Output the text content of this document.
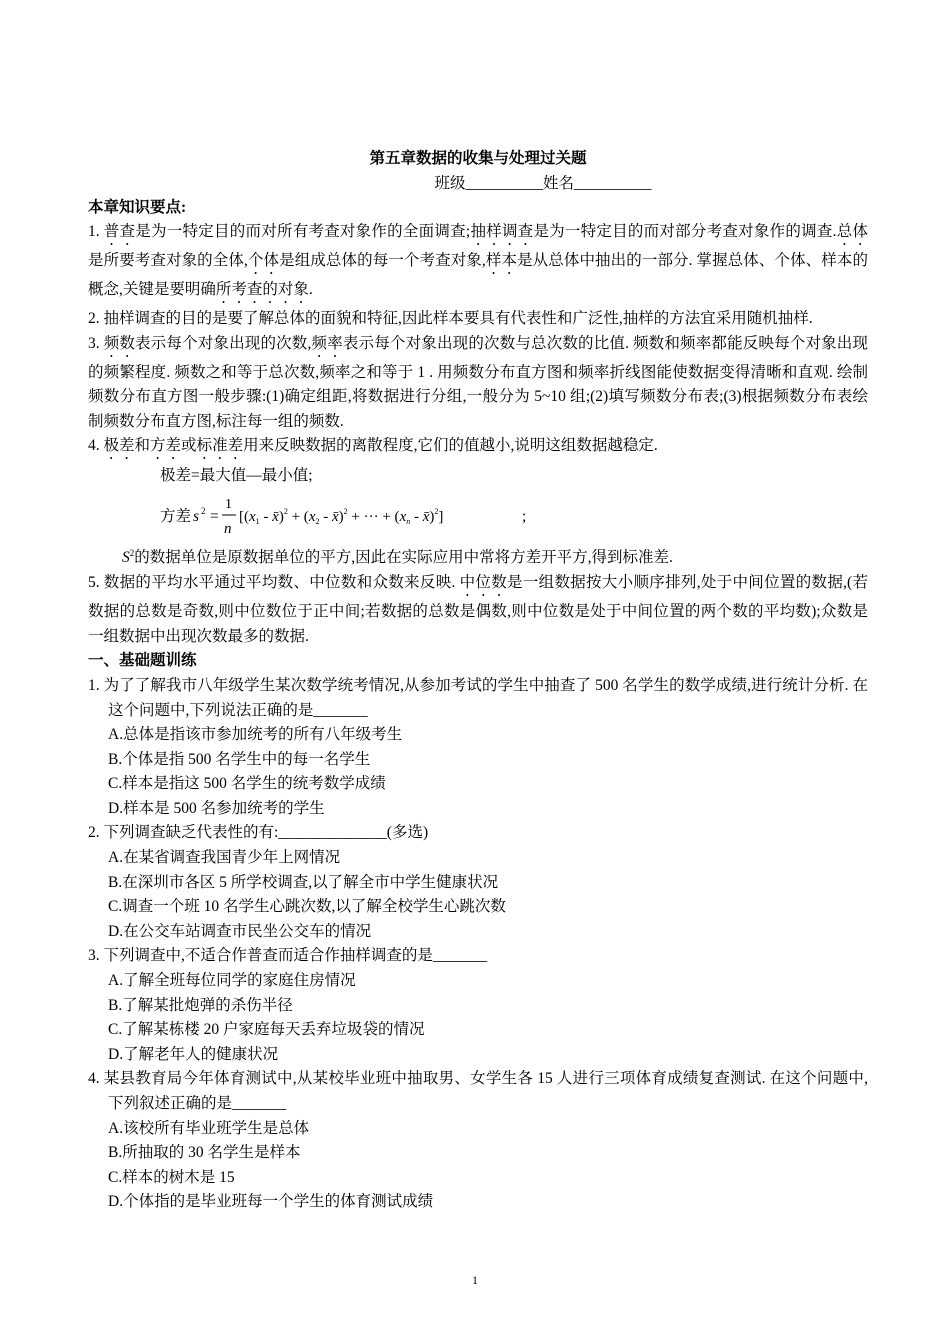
第五章数据的收集与处理过关题
班级__________姓名__________
本章知识要点:

1. 普查是为一特定目的而对所有考查对象作的全面调查;抽样调查是为一特定目的而对部分考查对象作的调查.总体是所要考查对象的全体,个体是组成总体的每一个考查对象,样本是从总体中抽出的一部分. 掌握总体、个体、样本的概念,关键是要明确所考查的对象.

2. 抽样调查的目的是要了解总体的面貌和特征,因此样本要具有代表性和广泛性,抽样的方法宜采用随机抽样.

3. 频数表示每个对象出现的次数,频率表示每个对象出现的次数与总次数的比值. 频数和频率都能反映每个对象出现的频繁程度. 频数之和等于总次数,频率之和等于 1 . 用频数分布直方图和频率折线图能使数据变得清晰和直观. 绘制频数分布直方图一般步骤:(1)确定组距,将数据进行分组,一般分为 5~10 组;(2)填写频数分布表;(3)根据频数分布表绘制频数分布直方图,标注每一组的频数.

4. 极差和方差或标准差用来反映数据的离散程度,它们的值越小,说明这组数据越稳定.

极差=最大值—最小值;
方差 s 2 =
1
n
[($x_1$ - x̄)$^2$ + ($x_2$ - x̄)$^2$ + ··· + ($x_n$ - x̄)$^2$]	;

$S^2$的数据单位是原数据单位的平方,因此在实际应用中常将方差开平方,得到标准差.

5. 数据的平均水平通过平均数、中位数和众数来反映. 中位数是一组数据按大小顺序排列,处于中间位置的数据,(若数据的总数是奇数,则中位数位于正中间;若数据的总数是偶数,则中位数是处于中间位置的两个数的平均数);众数是一组数据中出现次数最多的数据.

一、基础题训练

1. 为了了解我市八年级学生某次数学统考情况,从参加考试的学生中抽查了 500 名学生的数学成绩,进行统计分析. 在这个问题中,下列说法正确的是_______

A.总体是指该市参加统考的所有八年级考生
B.个体是指 500 名学生中的每一名学生
C.样本是指这 500 名学生的统考数学成绩
D.样本是 500 名参加统考的学生

2. 下列调查缺乏代表性的有:______________(多选)

A.在某省调查我国青少年上网情况
B.在深圳市各区 5 所学校调查,以了解全市中学生健康状况
C.调查一个班 10 名学生心跳次数,以了解全校学生心跳次数
D.在公交车站调查市民坐公交车的情况

3. 下列调查中,不适合作普查而适合作抽样调查的是_______

A.了解全班每位同学的家庭住房情况
B.了解某批炮弹的杀伤半径
C.了解某栋楼 20 户家庭每天丢弃垃圾袋的情况
D.了解老年人的健康状况

4. 某县教育局今年体育测试中,从某校毕业班中抽取男、女学生各 15 人进行三项体育成绩复查测试. 在这个问题中,下列叙述正确的是_______

A.该校所有毕业班学生是总体
B.所抽取的 30 名学生是样本
C.样本的树木是 15
D.个体指的是毕业班每一个学生的体育测试成绩
1
